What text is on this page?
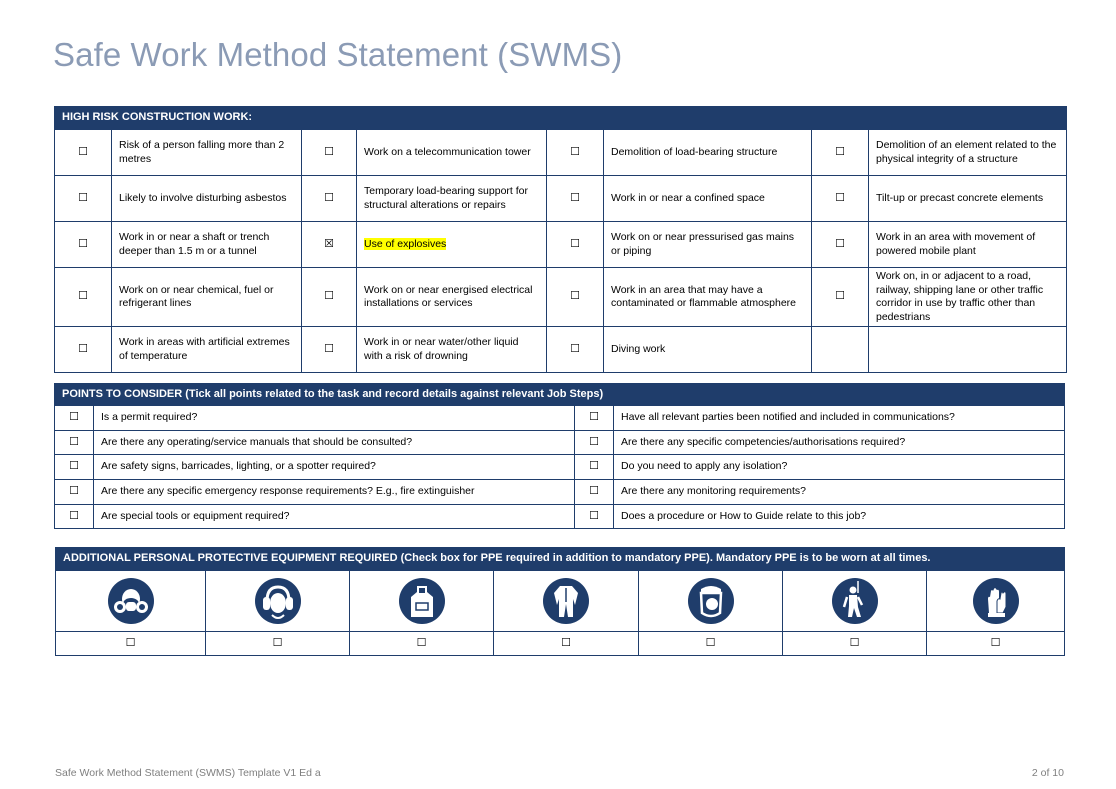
Safe Work Method Statement (SWMS)
HIGH RISK CONSTRUCTION WORK:							
☐	Risk of a person falling more than 2 metres	☐	Work on a telecommunication tower	☐	Demolition of load-bearing structure	☐	Demolition of an element related to the physical integrity of a structure
☐	Likely to involve disturbing asbestos	☐	Temporary load-bearing support for structural alterations or repairs	☐	Work in or near a confined space	☐	Tilt-up or precast concrete elements
☐	Work in or near a shaft or trench deeper than 1.5 m or a tunnel	☒	Use of explosives	☐	Work on or near pressurised gas mains or piping	☐	Work in an area with movement of powered mobile plant
☐	Work on or near chemical, fuel or refrigerant lines	☐	Work on or near energised electrical installations or services	☐	Work in an area that may have a contaminated or flammable atmosphere	☐	Work on, in or adjacent to a road, railway, shipping lane or other traffic corridor in use by traffic other than pedestrians
☐	Work in areas with artificial extremes of temperature	☐	Work in or near water/other liquid with a risk of drowning	☐	Diving work		
POINTS TO CONSIDER (Tick all points related to the task and record details against relevant Job Steps)			
☐	Is a permit required?	☐	Have all relevant parties been notified and included in communications?
☐	Are there any operating/service manuals that should be consulted?	☐	Are there any specific competencies/authorisations required?
☐	Are safety signs, barricades, lighting, or a spotter required?	☐	Do you need to apply any isolation?
☐	Are there any specific emergency response requirements? E.g., fire extinguisher	☐	Are there any monitoring requirements?
☐	Are special tools or equipment required?	☐	Does a procedure or How to Guide relate to this job?
ADDITIONAL PERSONAL PROTECTIVE EQUIPMENT REQUIRED (Check box for PPE required in addition to mandatory PPE). Mandatory PPE is to be worn at all times.						

☐	☐	☐	☐	☐	☐	☐
Safe Work Method Statement (SWMS) Template V1 Ed a	2 of 10
